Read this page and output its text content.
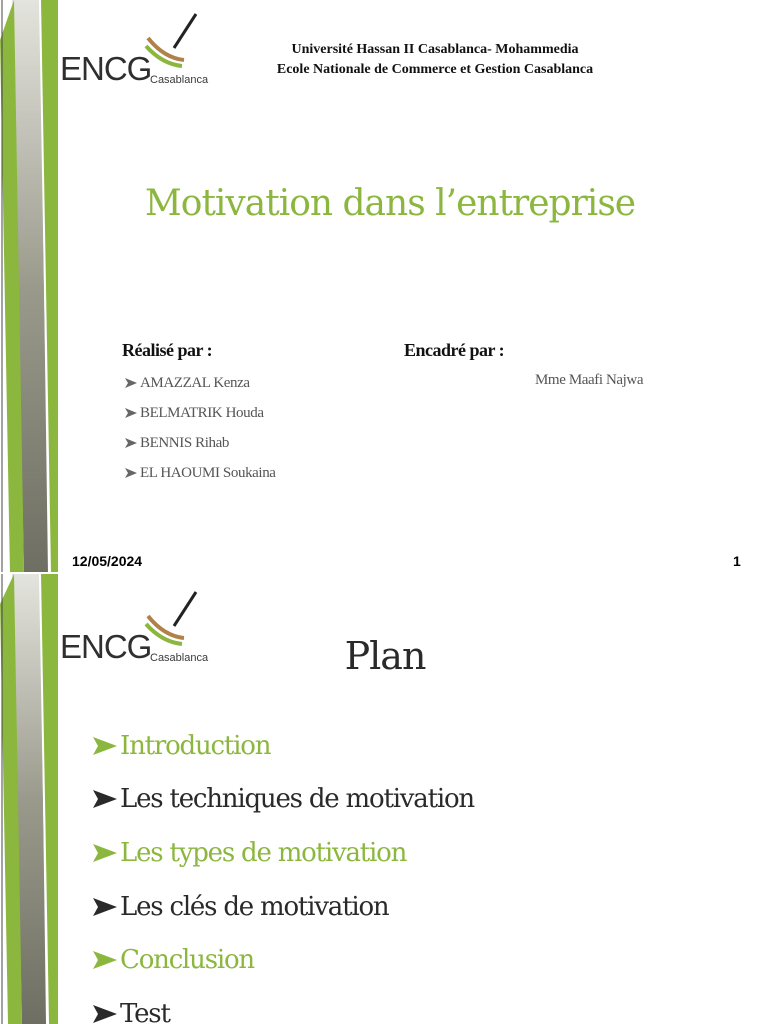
ENCG
Casablanca
Université Hassan II Casablanca- Mohammedia
Ecole Nationale de Commerce et Gestion Casablanca
Motivation dans l’entreprise
Réalisé par :	Encadré par :
AMAZZAL Kenza
BELMATRIK Houda
BENNIS Rihab
EL HAOUMI Soukaina
Mme Maafi Najwa
12/05/2024	1
ENCG
Casablanca	Plan
Introduction
Les techniques de motivation
Les types de motivation
Les clés de motivation
Conclusion
Test
